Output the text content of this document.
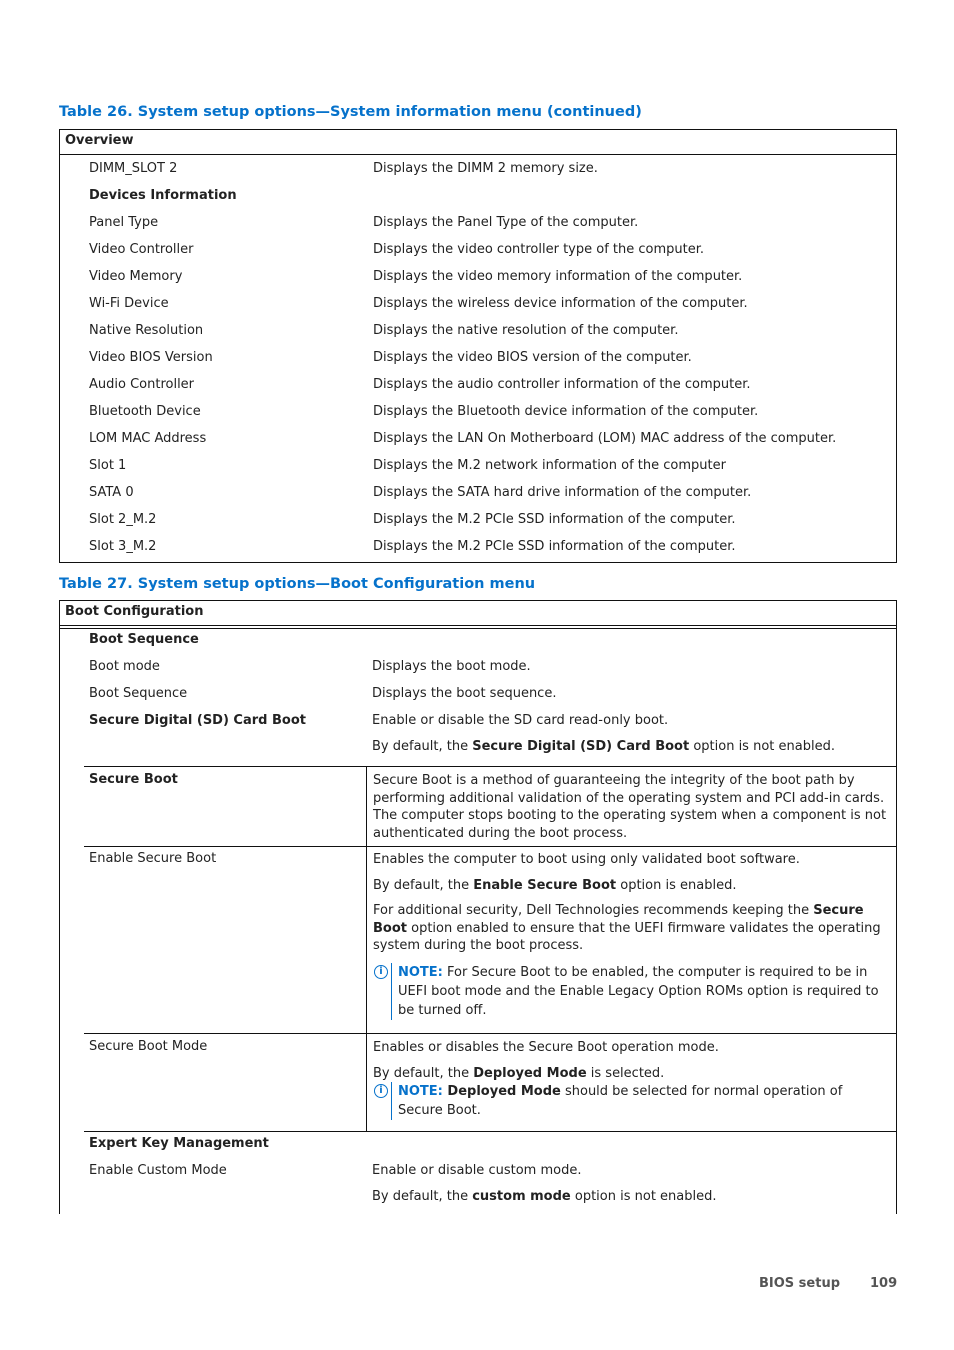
Table 26. System setup options—System information menu (continued)
Overview
DIMM_SLOT 2	Displays the DIMM 2 memory size.
Devices Information
Panel Type	Displays the Panel Type of the computer.
Video Controller	Displays the video controller type of the computer.
Video Memory	Displays the video memory information of the computer.
Wi-Fi Device	Displays the wireless device information of the computer.
Native Resolution	Displays the native resolution of the computer.
Video BIOS Version	Displays the video BIOS version of the computer.
Audio Controller	Displays the audio controller information of the computer.
Bluetooth Device	Displays the Bluetooth device information of the computer.
LOM MAC Address	Displays the LAN On Motherboard (LOM) MAC address of the computer.
Slot 1	Displays the M.2 network information of the computer
SATA 0	Displays the SATA hard drive information of the computer.
Slot 2_M.2	Displays the M.2 PCIe SSD information of the computer.
Slot 3_M.2	Displays the M.2 PCIe SSD information of the computer.
Table 27. System setup options—Boot Configuration menu
Boot Configuration
Boot Sequence
Boot mode	Displays the boot mode.
Boot Sequence	Displays the boot sequence.
Secure Digital (SD) Card Boot	Enable or disable the SD card read-only boot.
By default, the Secure Digital (SD) Card Boot option is not enabled.
Secure Boot	Secure Boot is a method of guaranteeing the integrity of the boot path by performing additional validation of the operating system and PCI add-in cards. The computer stops booting to the operating system when a component is not authenticated during the boot process.
Enable Secure Boot	Enables the computer to boot using only validated boot software.
By default, the Enable Secure Boot option is enabled.
For additional security, Dell Technologies recommends keeping the Secure Boot option enabled to ensure that the UEFI firmware validates the operating system during the boot process.
i	NOTE: For Secure Boot to be enabled, the computer is required to be in UEFI boot mode and the Enable Legacy Option ROMs option is required to be turned off.
Secure Boot Mode	Enables or disables the Secure Boot operation mode.
By default, the Deployed Mode is selected.
i	NOTE: Deployed Mode should be selected for normal operation of Secure Boot.
Expert Key Management
Enable Custom Mode	Enable or disable custom mode.
By default, the custom mode option is not enabled.
BIOS setup 109
